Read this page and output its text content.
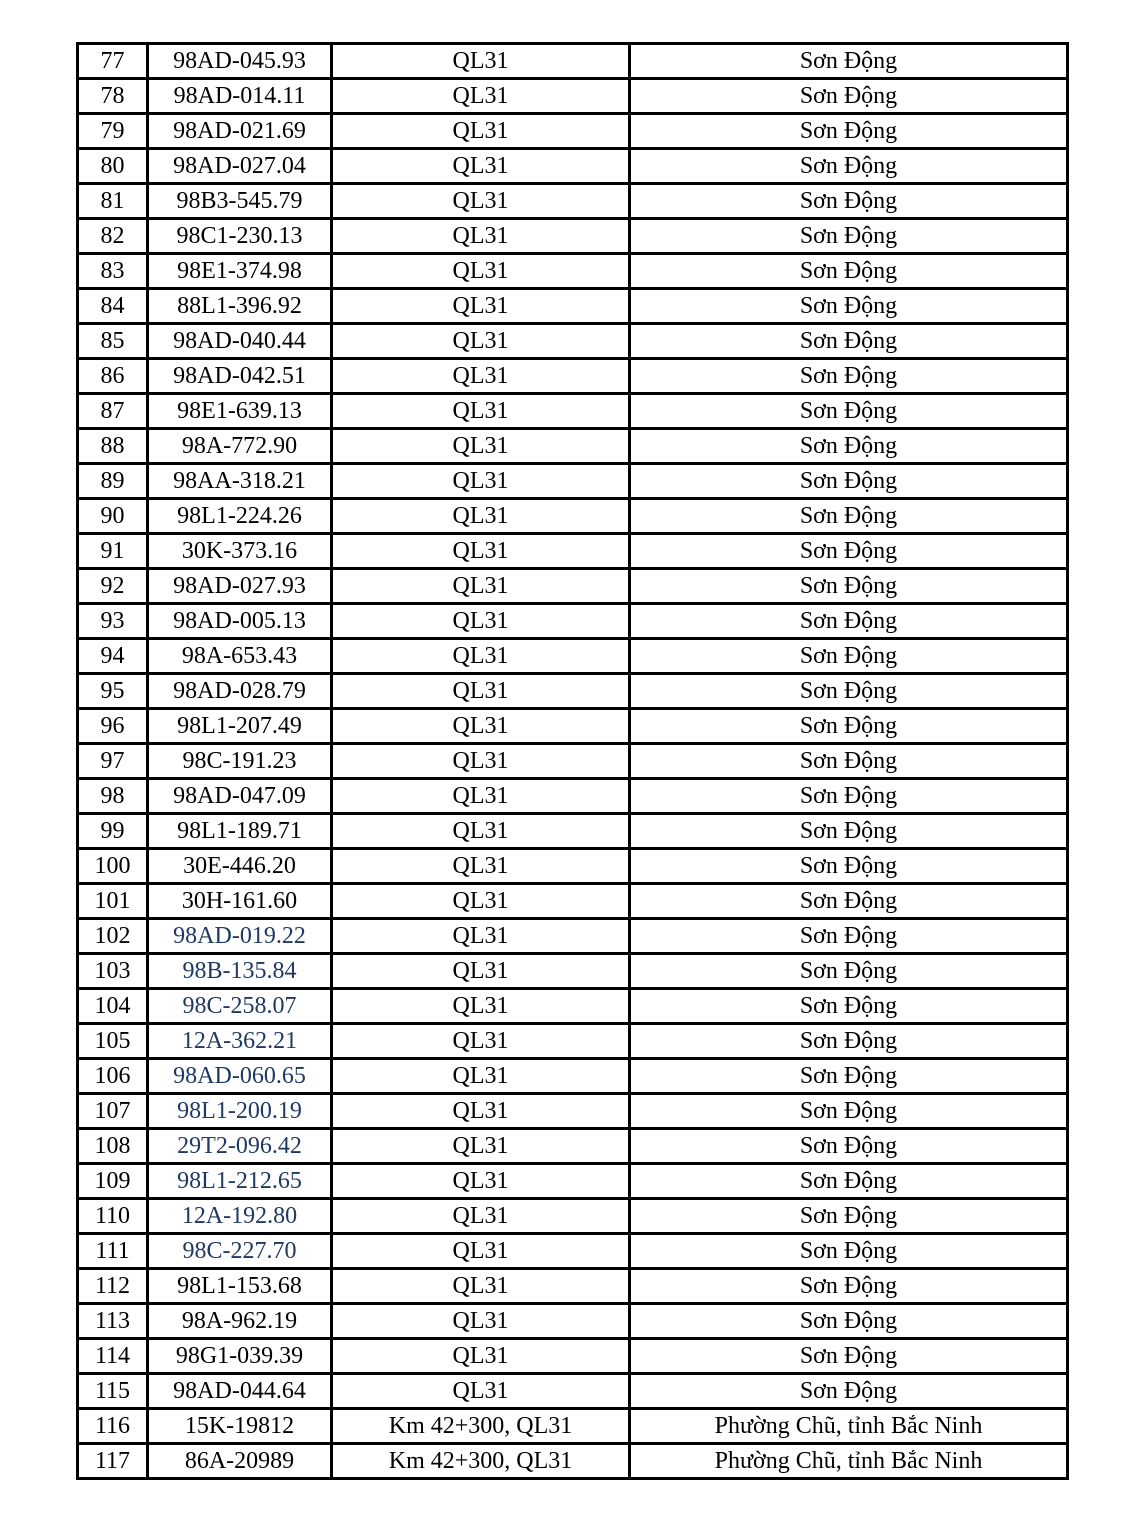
77	98AD-045.93	QL31	Sơn Động
78	98AD-014.11	QL31	Sơn Động
79	98AD-021.69	QL31	Sơn Động
80	98AD-027.04	QL31	Sơn Động
81	98B3-545.79	QL31	Sơn Động
82	98C1-230.13	QL31	Sơn Động
83	98E1-374.98	QL31	Sơn Động
84	88L1-396.92	QL31	Sơn Động
85	98AD-040.44	QL31	Sơn Động
86	98AD-042.51	QL31	Sơn Động
87	98E1-639.13	QL31	Sơn Động
88	98A-772.90	QL31	Sơn Động
89	98AA-318.21	QL31	Sơn Động
90	98L1-224.26	QL31	Sơn Động
91	30K-373.16	QL31	Sơn Động
92	98AD-027.93	QL31	Sơn Động
93	98AD-005.13	QL31	Sơn Động
94	98A-653.43	QL31	Sơn Động
95	98AD-028.79	QL31	Sơn Động
96	98L1-207.49	QL31	Sơn Động
97	98C-191.23	QL31	Sơn Động
98	98AD-047.09	QL31	Sơn Động
99	98L1-189.71	QL31	Sơn Động
100	30E-446.20	QL31	Sơn Động
101	30H-161.60	QL31	Sơn Động
102	98AD-019.22	QL31	Sơn Động
103	98B-135.84	QL31	Sơn Động
104	98C-258.07	QL31	Sơn Động
105	12A-362.21	QL31	Sơn Động
106	98AD-060.65	QL31	Sơn Động
107	98L1-200.19	QL31	Sơn Động
108	29T2-096.42	QL31	Sơn Động
109	98L1-212.65	QL31	Sơn Động
110	12A-192.80	QL31	Sơn Động
111	98C-227.70	QL31	Sơn Động
112	98L1-153.68	QL31	Sơn Động
113	98A-962.19	QL31	Sơn Động
114	98G1-039.39	QL31	Sơn Động
115	98AD-044.64	QL31	Sơn Động
116	15K-19812	Km 42+300, QL31	Phường Chũ, tỉnh Bắc Ninh
117	86A-20989	Km 42+300, QL31	Phường Chũ, tỉnh Bắc Ninh
